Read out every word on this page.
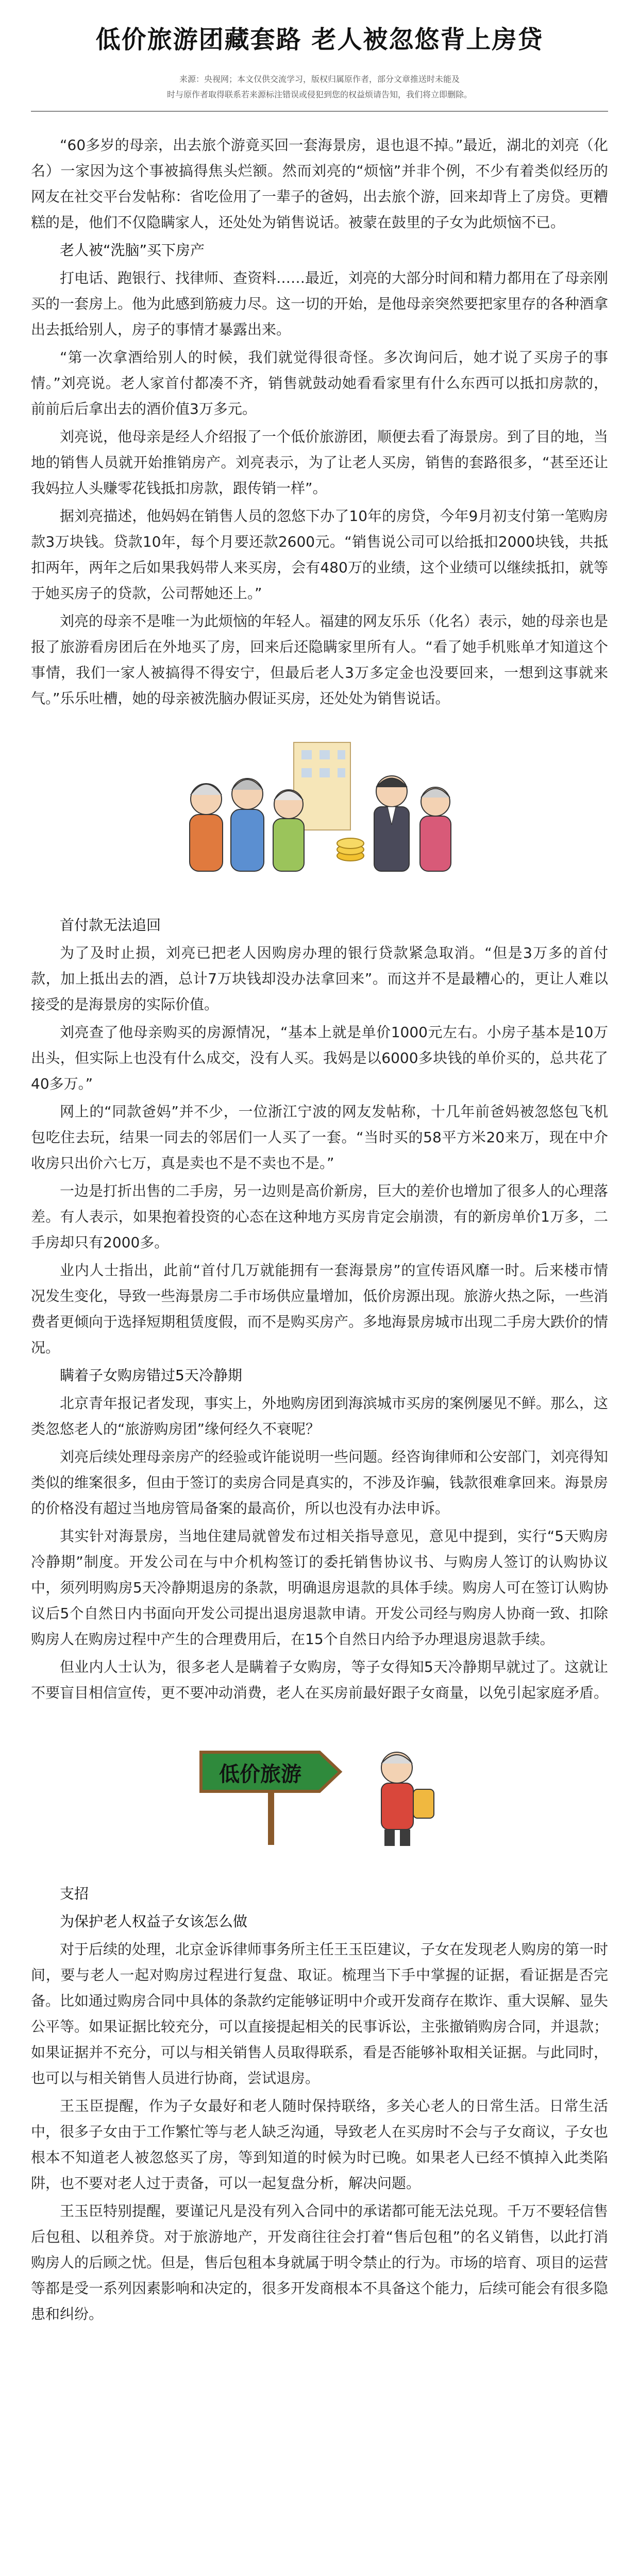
低价旅游团藏套路 老人被忽悠背上房贷
来源：央视网；本文仅供交流学习，版权归属原作者，部分文章推送时未能及
时与原作者取得联系若来源标注错误或侵犯到您的权益烦请告知，我们将立即删除。

“60多岁的母亲，出去旅个游竟买回一套海景房，退也退不掉。”最近，湖北的刘亮（化名）一家因为这个事被搞得焦头烂额。然而刘亮的“烦恼”并非个例，不少有着类似经历的网友在社交平台发帖称：省吃俭用了一辈子的爸妈，出去旅个游，回来却背上了房贷。更糟糕的是，他们不仅隐瞒家人，还处处为销售说话。被蒙在鼓里的子女为此烦恼不已。

老人被“洗脑”买下房产

打电话、跑银行、找律师、查资料……最近，刘亮的大部分时间和精力都用在了母亲刚买的一套房上。他为此感到筋疲力尽。这一切的开始，是他母亲突然要把家里存的各种酒拿出去抵给别人，房子的事情才暴露出来。

“第一次拿酒给别人的时候，我们就觉得很奇怪。多次询问后，她才说了买房子的事情。”刘亮说。老人家首付都凑不齐，销售就鼓动她看看家里有什么东西可以抵扣房款的，前前后后拿出去的酒价值3万多元。

刘亮说，他母亲是经人介绍报了一个低价旅游团，顺便去看了海景房。到了目的地，当地的销售人员就开始推销房产。刘亮表示，为了让老人买房，销售的套路很多，“甚至还让我妈拉人头赚零花钱抵扣房款，跟传销一样”。

据刘亮描述，他妈妈在销售人员的忽悠下办了10年的房贷，今年9月初支付第一笔购房款3万块钱。贷款10年，每个月要还款2600元。“销售说公司可以给抵扣2000块钱，共抵扣两年，两年之后如果我妈带人来买房，会有480万的业绩，这个业绩可以继续抵扣，就等于她买房子的贷款，公司帮她还上。”

刘亮的母亲不是唯一为此烦恼的年轻人。福建的网友乐乐（化名）表示，她的母亲也是报了旅游看房团后在外地买了房，回来后还隐瞒家里所有人。“看了她手机账单才知道这个事情，我们一家人被搞得不得安宁，但最后老人3万多定金也没要回来，一想到这事就来气。”乐乐吐槽，她的母亲被洗脑办假证买房，还处处为销售说话。

首付款无法追回

为了及时止损，刘亮已把老人因购房办理的银行贷款紧急取消。“但是3万多的首付款，加上抵出去的酒，总计7万块钱却没办法拿回来”。而这并不是最糟心的，更让人难以接受的是海景房的实际价值。

刘亮查了他母亲购买的房源情况，“基本上就是单价1000元左右。小房子基本是10万出头，但实际上也没有什么成交，没有人买。我妈是以6000多块钱的单价买的，总共花了40多万。”

网上的“同款爸妈”并不少，一位浙江宁波的网友发帖称，十几年前爸妈被忽悠包飞机包吃住去玩，结果一同去的邻居们一人买了一套。“当时买的58平方米20来万，现在中介收房只出价六七万，真是卖也不是不卖也不是。”

一边是打折出售的二手房，另一边则是高价新房，巨大的差价也增加了很多人的心理落差。有人表示，如果抱着投资的心态在这种地方买房肯定会崩溃，有的新房单价1万多，二手房却只有2000多。

业内人士指出，此前“首付几万就能拥有一套海景房”的宣传语风靡一时。后来楼市情况发生变化，导致一些海景房二手市场供应量增加，低价房源出现。旅游火热之际，一些消费者更倾向于选择短期租赁度假，而不是购买房产。多地海景房城市出现二手房大跌价的情况。

瞒着子女购房错过5天冷静期

北京青年报记者发现，事实上，外地购房团到海滨城市买房的案例屡见不鲜。那么，这类忽悠老人的“旅游购房团”缘何经久不衰呢？

刘亮后续处理母亲房产的经验或许能说明一些问题。经咨询律师和公安部门，刘亮得知类似的维案很多，但由于签订的卖房合同是真实的，不涉及诈骗，钱款很难拿回来。海景房的价格没有超过当地房管局备案的最高价，所以也没有办法申诉。

其实针对海景房，当地住建局就曾发布过相关指导意见，意见中提到，实行“5天购房冷静期”制度。开发公司在与中介机构签订的委托销售协议书、与购房人签订的认购协议中，须列明购房5天冷静期退房的条款，明确退房退款的具体手续。购房人可在签订认购协议后5个自然日内书面向开发公司提出退房退款申请。开发公司经与购房人协商一致、扣除购房人在购房过程中产生的合理费用后，在15个自然日内给予办理退房退款手续。

但业内人士认为，很多老人是瞒着子女购房，等子女得知5天冷静期早就过了。这就让不要盲目相信宣传，更不要冲动消费，老人在买房前最好跟子女商量，以免引起家庭矛盾。

低价旅游
支招
为保护老人权益子女该怎么做

对于后续的处理，北京金诉律师事务所主任王玉臣建议，子女在发现老人购房的第一时间，要与老人一起对购房过程进行复盘、取证。梳理当下手中掌握的证据，看证据是否完备。比如通过购房合同中具体的条款约定能够证明中介或开发商存在欺诈、重大误解、显失公平等。如果证据比较充分，可以直接提起相关的民事诉讼，主张撤销购房合同，并退款；如果证据并不充分，可以与相关销售人员取得联系，看是否能够补取相关证据。与此同时，也可以与相关销售人员进行协商，尝试退房。

王玉臣提醒，作为子女最好和老人随时保持联络，多关心老人的日常生活。日常生活中，很多子女由于工作繁忙等与老人缺乏沟通，导致老人在买房时不会与子女商议，子女也根本不知道老人被忽悠买了房，等到知道的时候为时已晚。如果老人已经不慎掉入此类陷阱，也不要对老人过于责备，可以一起复盘分析，解决问题。

王玉臣特别提醒，要谨记凡是没有列入合同中的承诺都可能无法兑现。千万不要轻信售后包租、以租养贷。对于旅游地产，开发商往往会打着“售后包租”的名义销售，以此打消购房人的后顾之忧。但是，售后包租本身就属于明令禁止的行为。市场的培育、项目的运营等都是受一系列因素影响和决定的，很多开发商根本不具备这个能力，后续可能会有很多隐患和纠纷。
